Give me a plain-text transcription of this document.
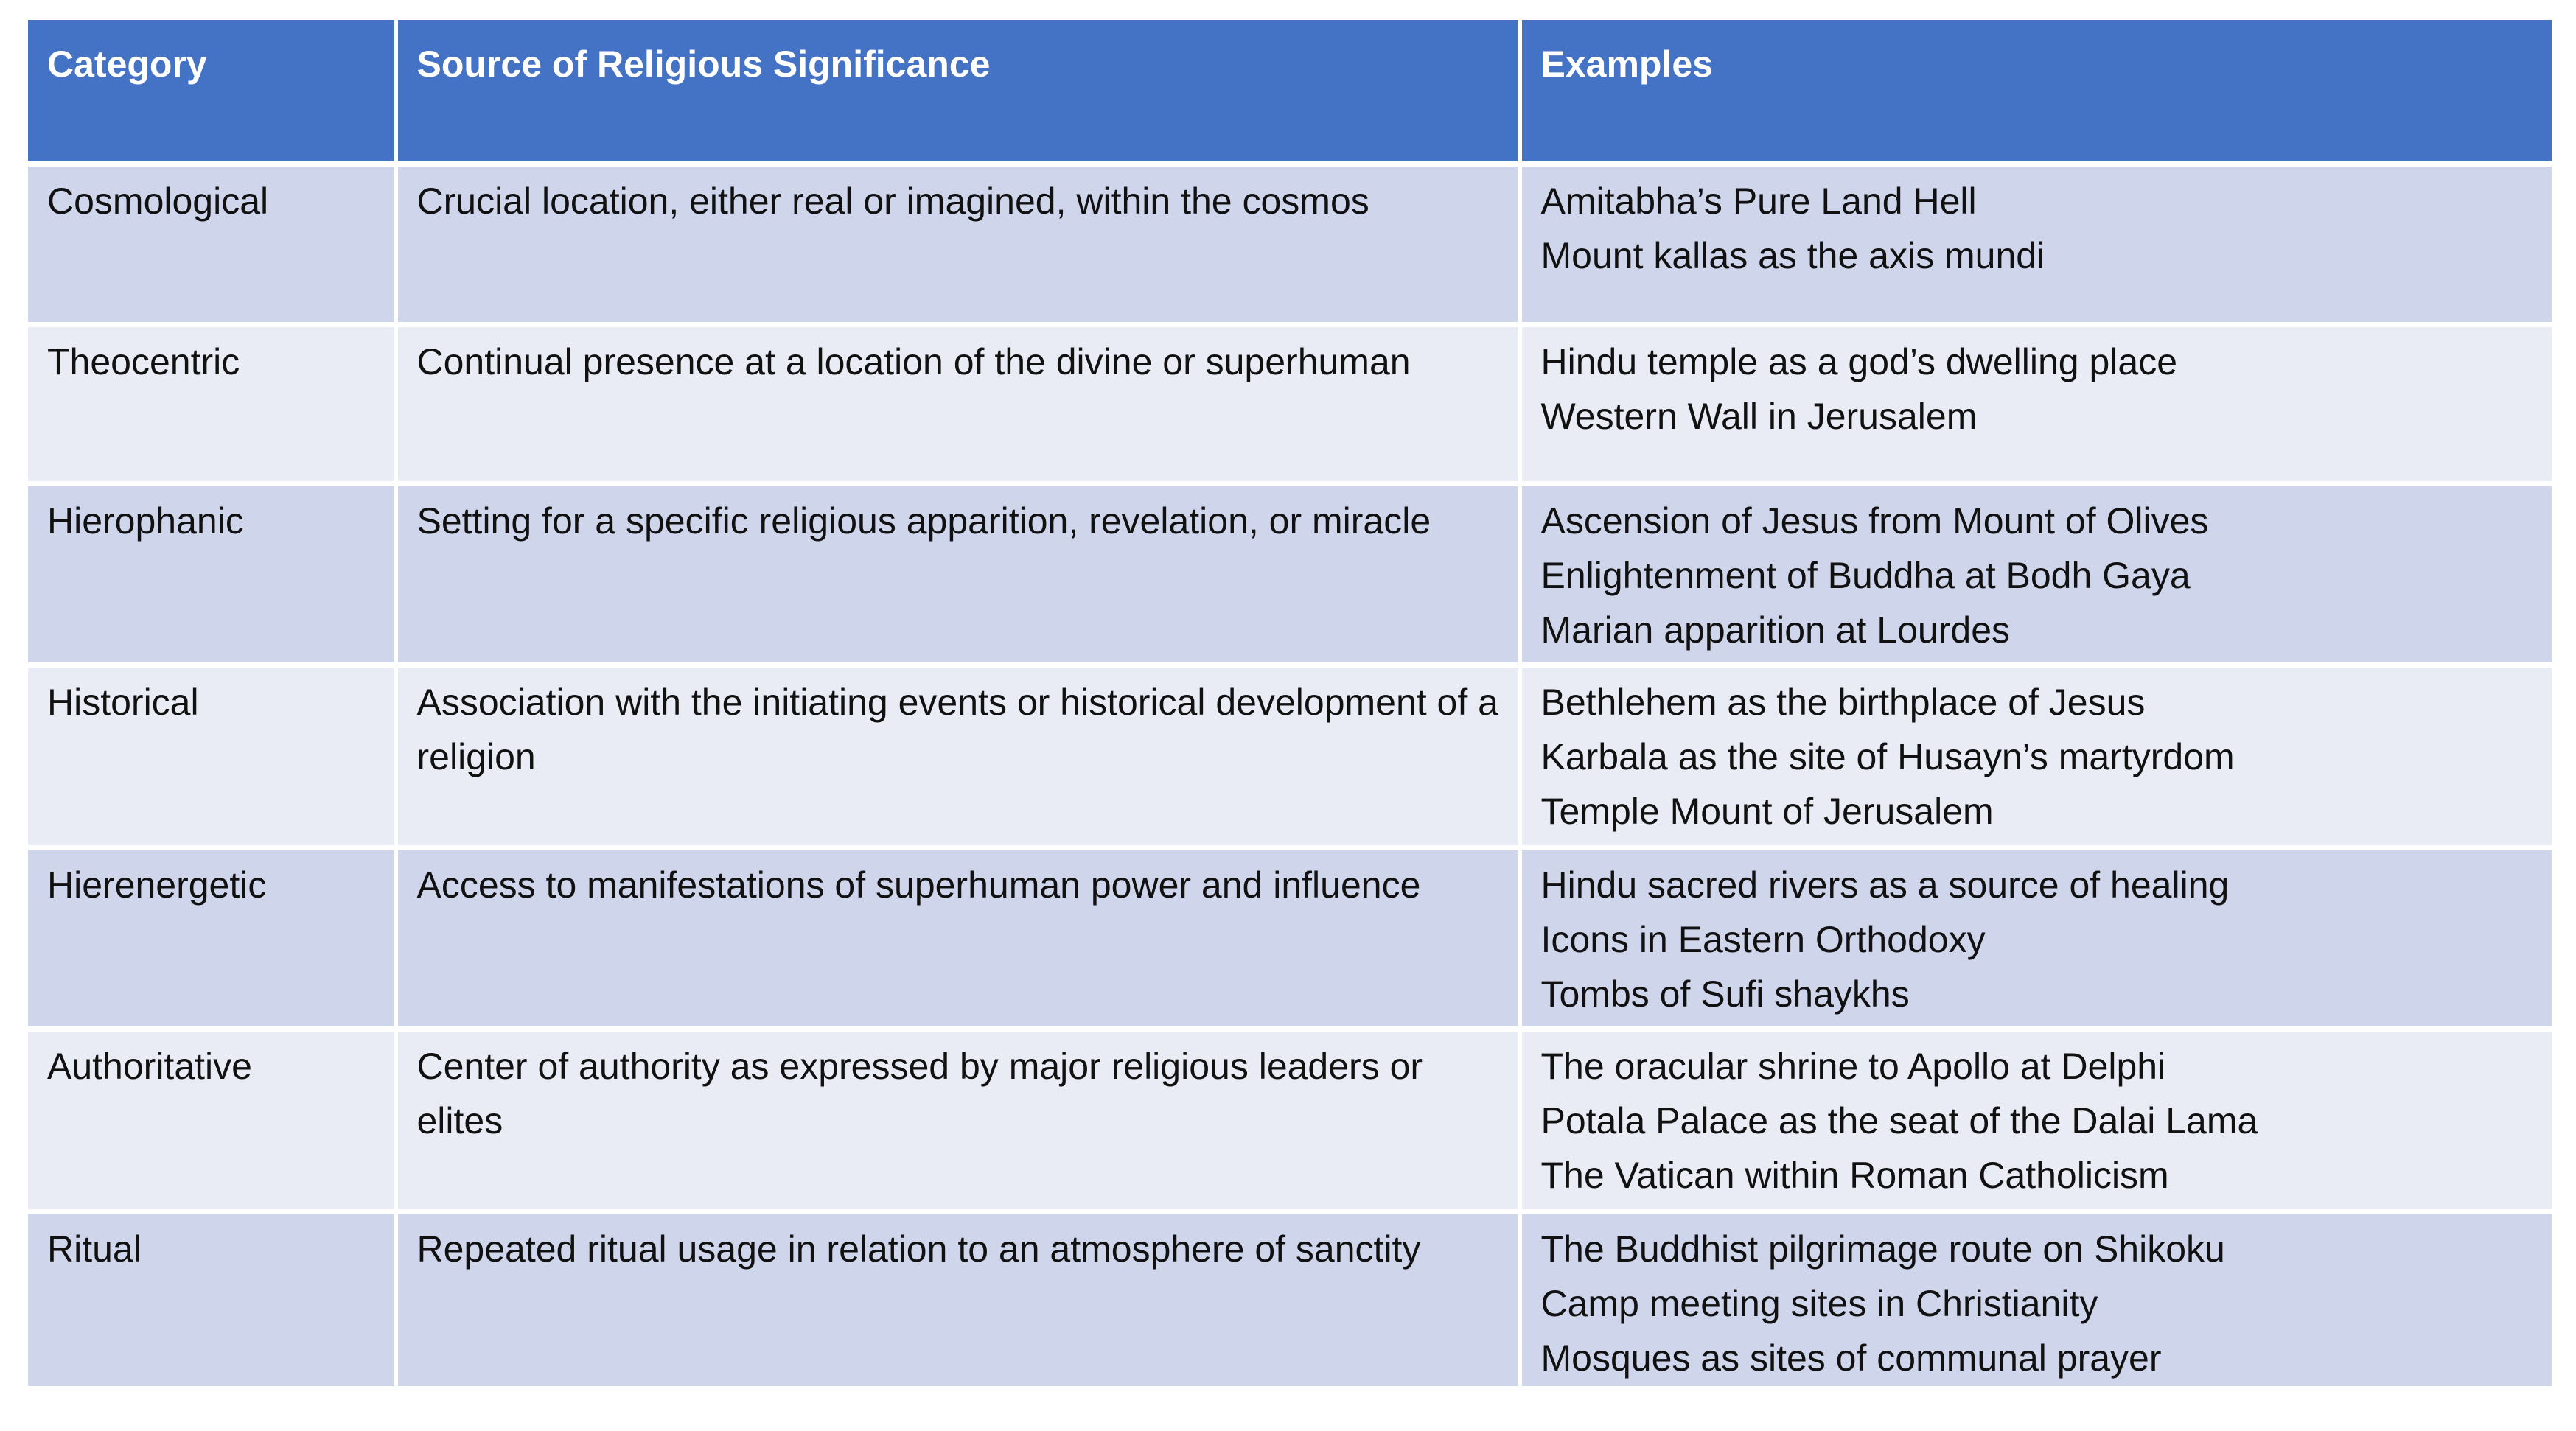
Category	Source of Religious Significance	Examples
Cosmological	Crucial location, either real or imagined, within the cosmos	Amitabha’s Pure Land Hell
Mount kallas as the axis mundi

Theocentric	Continual presence at a location of the divine or superhuman	Hindu temple as a god’s dwelling place
Western Wall in Jerusalem

Hierophanic	Setting for a specific religious apparition, revelation, or miracle	Ascension of Jesus from Mount of Olives
Enlightenment of Buddha at Bodh Gaya
Marian apparition at Lourdes

Historical	Association with the initiating events or historical development of a religion	Bethlehem as the birthplace of Jesus
Karbala as the site of Husayn’s martyrdom
Temple Mount of Jerusalem

Hierenergetic	Access to manifestations of superhuman power and influence	Hindu sacred rivers as a source of healing
Icons in Eastern Orthodoxy
Tombs of Sufi shaykhs

Authoritative	Center of authority as expressed by major religious leaders or elites	The oracular shrine to Apollo at Delphi
Potala Palace as the seat of the Dalai Lama
The Vatican within Roman Catholicism

Ritual	Repeated ritual usage in relation to an atmosphere of sanctity	The Buddhist pilgrimage route on Shikoku
Camp meeting sites in Christianity
Mosques as sites of communal prayer
